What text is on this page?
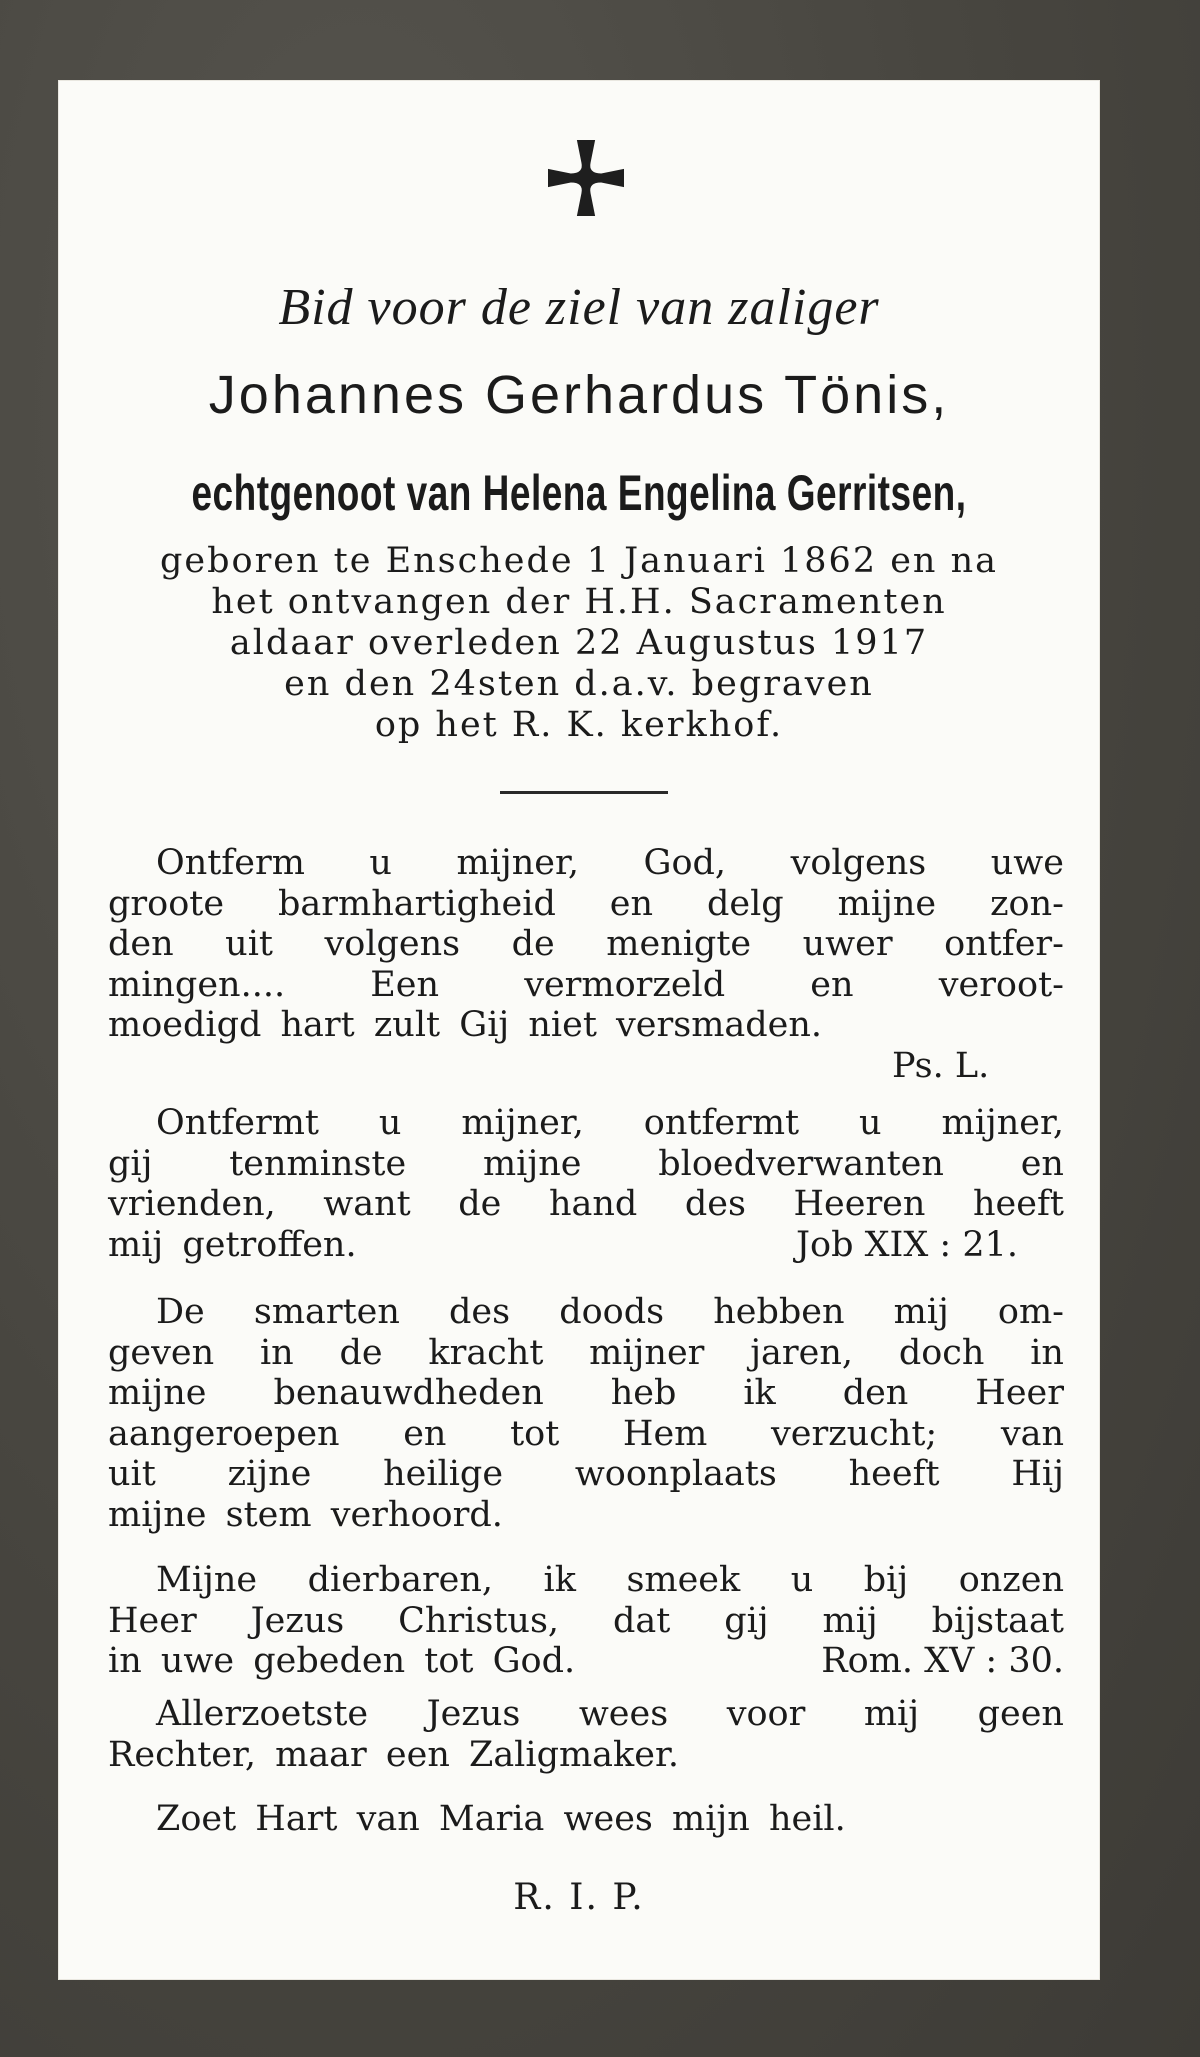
Bid voor de ziel van zaliger
Johannes Gerhardus Tönis,
echtgenoot van Helena Engelina Gerritsen,
geboren te Enschede 1 Januari 1862 en na
het ontvangen der H.H. Sacramenten
aldaar overleden 22 Augustus 1917
en den 24sten d.a.v. begraven
op het R. K. kerkhof.
Ontferm u mijner, God, volgens uwe
groote barmhartigheid en delg mijne zon-
den uit volgens de menigte uwer ontfer-
mingen.... Een vermorzeld en veroot-
moedigd hart zult Gij niet versmaden.
Ps. L.
Ontfermt u mijner, ontfermt u mijner,
gij tenminste mijne bloedverwanten en
vrienden, want de hand des Heeren heeft
mij getroffen.	Job XIX : 21.
De smarten des doods hebben mij om-
geven in de kracht mijner jaren, doch in
mijne benauwdheden heb ik den Heer
aangeroepen en tot Hem verzucht; van
uit zijne heilige woonplaats heeft Hij
mijne stem verhoord.
Mijne dierbaren, ik smeek u bij onzen
Heer Jezus Christus, dat gij mij bijstaat
in uwe gebeden tot God.	Rom. XV : 30.
Allerzoetste Jezus wees voor mij geen
Rechter, maar een Zaligmaker.
Zoet Hart van Maria wees mijn heil.
R. I. P.
